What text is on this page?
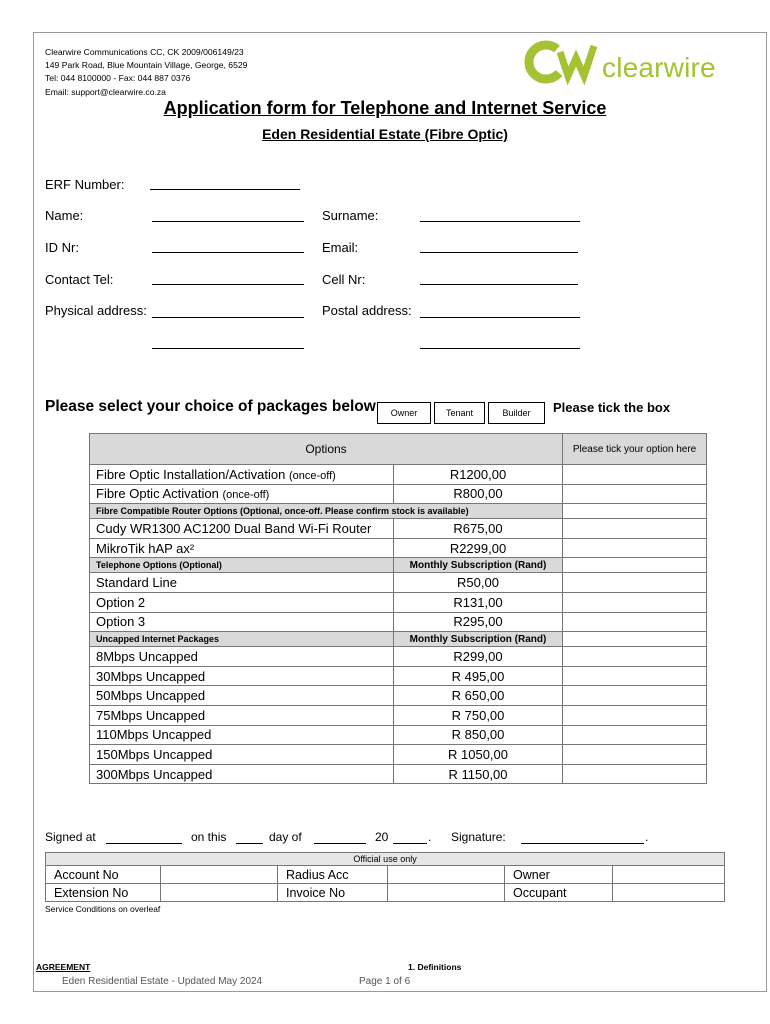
Clearwire Communications CC, CK 2009/006149/23
149 Park Road, Blue Mountain Village, George, 6529
Tel: 044 8100000 - Fax: 044 887 0376
Email: support@clearwire.co.za
clearwire
Application form for Telephone and Internet Service
Eden Residential Estate (Fibre Optic)
ERF Number:
Name:	Surname:
ID Nr:	Email:
Contact Tel:	Cell Nr:
Physical address:	Postal address:
Please select your choice of packages below	Owner	Tenant	Builder	Please tick the box
Options		Please tick your option here
Fibre Optic Installation/Activation (once-off)	R1200,00	
Fibre Optic Activation (once-off)	R800,00	
Fibre Compatible Router Options (Optional, once-off. Please confirm stock is available)		
Cudy WR1300 AC1200 Dual Band Wi-Fi Router	R675,00	
MikroTik hAP ax²	R2299,00	
Telephone Options (Optional)	Monthly Subscription (Rand)	
Standard Line	R50,00	
Option 2	R131,00	
Option 3	R295,00	
Uncapped Internet Packages	Monthly Subscription (Rand)	
8Mbps Uncapped	R299,00	
30Mbps Uncapped	R 495,00	
50Mbps Uncapped	R 650,00	
75Mbps Uncapped	R 750,00	
110Mbps Uncapped	R 850,00	
150Mbps Uncapped	R 1050,00	
300Mbps Uncapped	R 1150,00	
Signed at	on this	day of	20	. Signature:	.
Official use only					
Account No		Radius Acc		Owner	
Extension No		Invoice No		Occupant	
Service Conditions on overleaf
AGREEMENT	1. Definitions
Eden Residential Estate - Updated May 2024	Page 1 of 6
